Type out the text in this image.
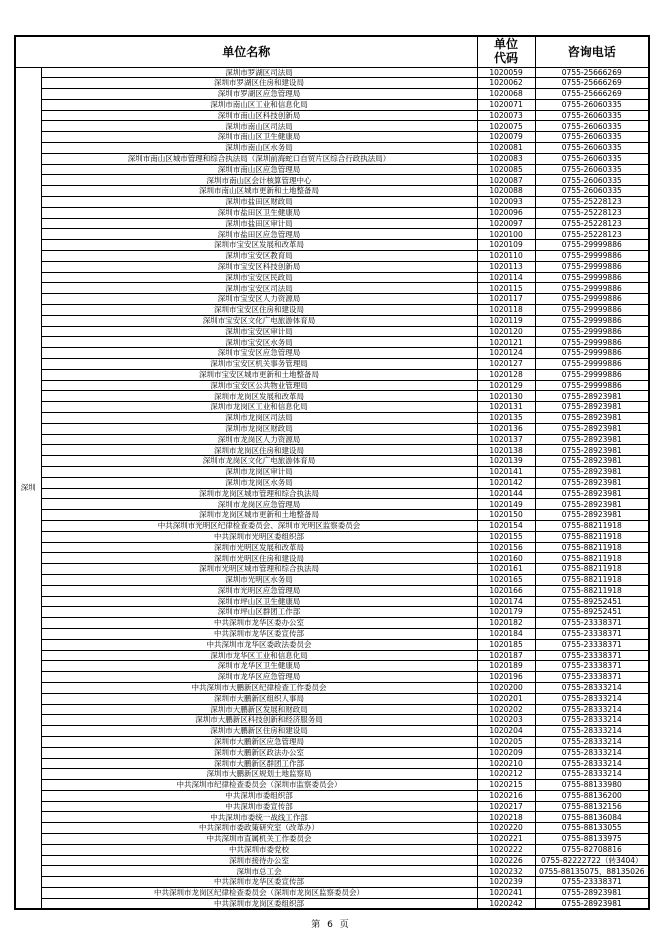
单位名称		单位代码	咨询电话
深圳	深圳市罗湖区司法局	1020059	0755-25666269
	深圳市罗湖区住房和建设局	1020062	0755-25666269
	深圳市罗湖区应急管理局	1020068	0755-25666269
	深圳市南山区工业和信息化局	1020071	0755-26060335
	深圳市南山区科技创新局	1020073	0755-26060335
	深圳市南山区司法局	1020075	0755-26060335
	深圳市南山区卫生健康局	1020079	0755-26060335
	深圳市南山区水务局	1020081	0755-26060335
	深圳市南山区城市管理和综合执法局（深圳前海蛇口自贸片区综合行政执法局）	1020083	0755-26060335
	深圳市南山区应急管理局	1020085	0755-26060335
	深圳市南山区会计核算管理中心	1020087	0755-26060335
	深圳市南山区城市更新和土地整备局	1020088	0755-26060335
	深圳市盐田区财政局	1020093	0755-25228123
	深圳市盐田区卫生健康局	1020096	0755-25228123
	深圳市盐田区审计局	1020097	0755-25228123
	深圳市盐田区应急管理局	1020100	0755-25228123
	深圳市宝安区发展和改革局	1020109	0755-29999886
	深圳市宝安区教育局	1020110	0755-29999886
	深圳市宝安区科技创新局	1020113	0755-29999886
	深圳市宝安区民政局	1020114	0755-29999886
	深圳市宝安区司法局	1020115	0755-29999886
	深圳市宝安区人力资源局	1020117	0755-29999886
	深圳市宝安区住房和建设局	1020118	0755-29999886
	深圳市宝安区文化广电旅游体育局	1020119	0755-29999886
	深圳市宝安区审计局	1020120	0755-29999886
	深圳市宝安区水务局	1020121	0755-29999886
	深圳市宝安区应急管理局	1020124	0755-29999886
	深圳市宝安区机关事务管理局	1020127	0755-29999886
	深圳市宝安区城市更新和土地整备局	1020128	0755-29999886
	深圳市宝安区公共物业管理局	1020129	0755-29999886
	深圳市龙岗区发展和改革局	1020130	0755-28923981
	深圳市龙岗区工业和信息化局	1020131	0755-28923981
	深圳市龙岗区司法局	1020135	0755-28923981
	深圳市龙岗区财政局	1020136	0755-28923981
	深圳市龙岗区人力资源局	1020137	0755-28923981
	深圳市龙岗区住房和建设局	1020138	0755-28923981
	深圳市龙岗区文化广电旅游体育局	1020139	0755-28923981
	深圳市龙岗区审计局	1020141	0755-28923981
	深圳市龙岗区水务局	1020142	0755-28923981
	深圳市龙岗区城市管理和综合执法局	1020144	0755-28923981
	深圳市龙岗区应急管理局	1020149	0755-28923981
	深圳市龙岗区城市更新和土地整备局	1020150	0755-28923981
	中共深圳市光明区纪律检查委员会、深圳市光明区监察委员会	1020154	0755-88211918
	中共深圳市光明区委组织部	1020155	0755-88211918
	深圳市光明区发展和改革局	1020156	0755-88211918
	深圳市光明区住房和建设局	1020160	0755-88211918
	深圳市光明区城市管理和综合执法局	1020161	0755-88211918
	深圳市光明区水务局	1020165	0755-88211918
	深圳市光明区应急管理局	1020166	0755-88211918
	深圳市坪山区卫生健康局	1020174	0755-89252451
	深圳市坪山区群团工作部	1020179	0755-89252451
	中共深圳市龙华区委办公室	1020182	0755-23338371
	中共深圳市龙华区委宣传部	1020184	0755-23338371
	中共深圳市龙华区委政法委员会	1020185	0755-23338371
	深圳市龙华区工业和信息化局	1020187	0755-23338371
	深圳市龙华区卫生健康局	1020189	0755-23338371
	深圳市龙华区应急管理局	1020196	0755-23338371
	中共深圳市大鹏新区纪律检查工作委员会	1020200	0755-28333214
	深圳市大鹏新区组织人事局	1020201	0755-28333214
	深圳市大鹏新区发展和财政局	1020202	0755-28333214
	深圳市大鹏新区科技创新和经济服务局	1020203	0755-28333214
	深圳市大鹏新区住房和建设局	1020204	0755-28333214
	深圳市大鹏新区应急管理局	1020205	0755-28333214
	深圳市大鹏新区政法办公室	1020209	0755-28333214
	深圳市大鹏新区群团工作部	1020210	0755-28333214
	深圳市大鹏新区规划土地监察局	1020212	0755-28333214
	中共深圳市纪律检查委员会（深圳市监察委员会）	1020215	0755-88133980
	中共深圳市委组织部	1020216	0755-88136200
	中共深圳市委宣传部	1020217	0755-88132156
	中共深圳市委统一战线工作部	1020218	0755-88136084
	中共深圳市委政策研究室（改革办）	1020220	0755-88133055
	中共深圳市直属机关工作委员会	1020221	0755-88133975
	中共深圳市委党校	1020222	0755-82708816
	深圳市接待办公室	1020226	0755-82222722（转3404）
	深圳市总工会	1020232	0755-88135075、88135026
	中共深圳市龙华区委宣传部	1020239	0755-23338371
	中共深圳市龙岗区纪律检查委员会（深圳市龙岗区监察委员会）	1020241	0755-28923981
	中共深圳市龙岗区委组织部	1020242	0755-28923981
第 6 页
